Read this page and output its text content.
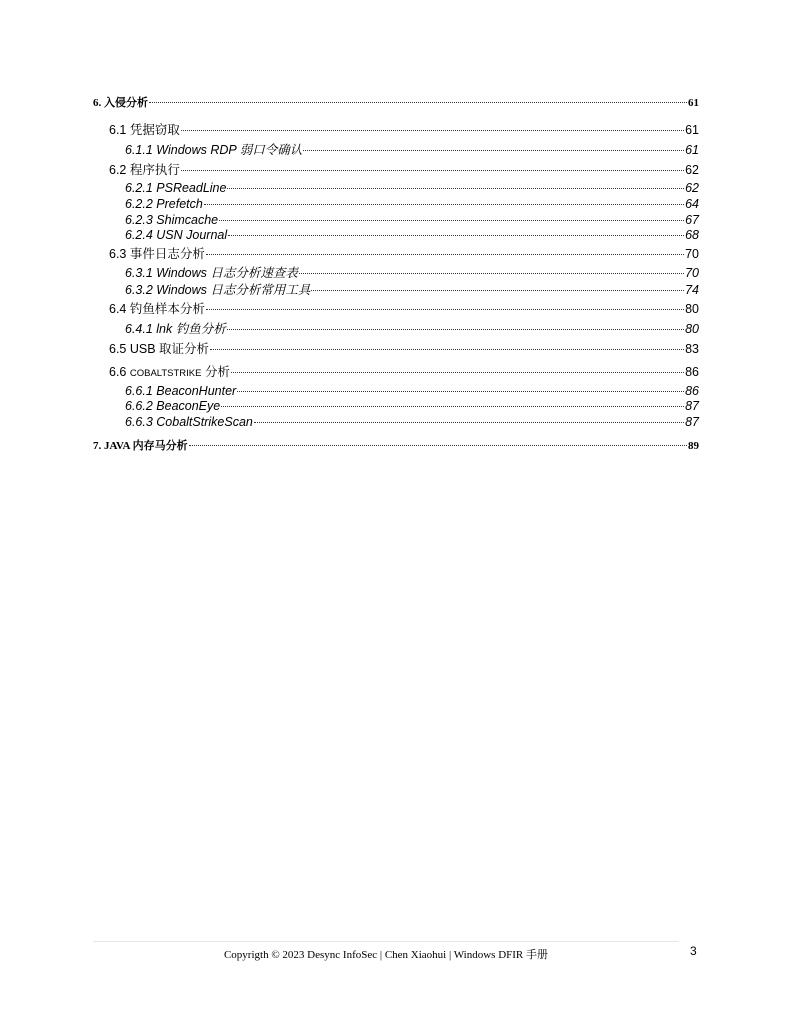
6. 入侵分析	61
6.1 凭据窃取	61
6.1.1 Windows RDP 弱口令确认	61
6.2 程序执行	62
6.2.1 PSReadLine	62
6.2.2 Prefetch	64
6.2.3 Shimcache	67
6.2.4 USN Journal	68
6.3 事件日志分析	70
6.3.1 Windows 日志分析速查表	70
6.3.2 Windows 日志分析常用工具	74
6.4 钓鱼样本分析	80
6.4.1 lnk 钓鱼分析	80
6.5 USB 取证分析	83
6.6 COBALTSTRIKE 分析	86
6.6.1 BeaconHunter	86
6.6.2 BeaconEye	87
6.6.3 CobaltStrikeScan	87
7. JAVA 内存马分析	89
Copyrigth © 2023 Desync InfoSec | Chen Xiaohui | Windows DFIR 手册	3
